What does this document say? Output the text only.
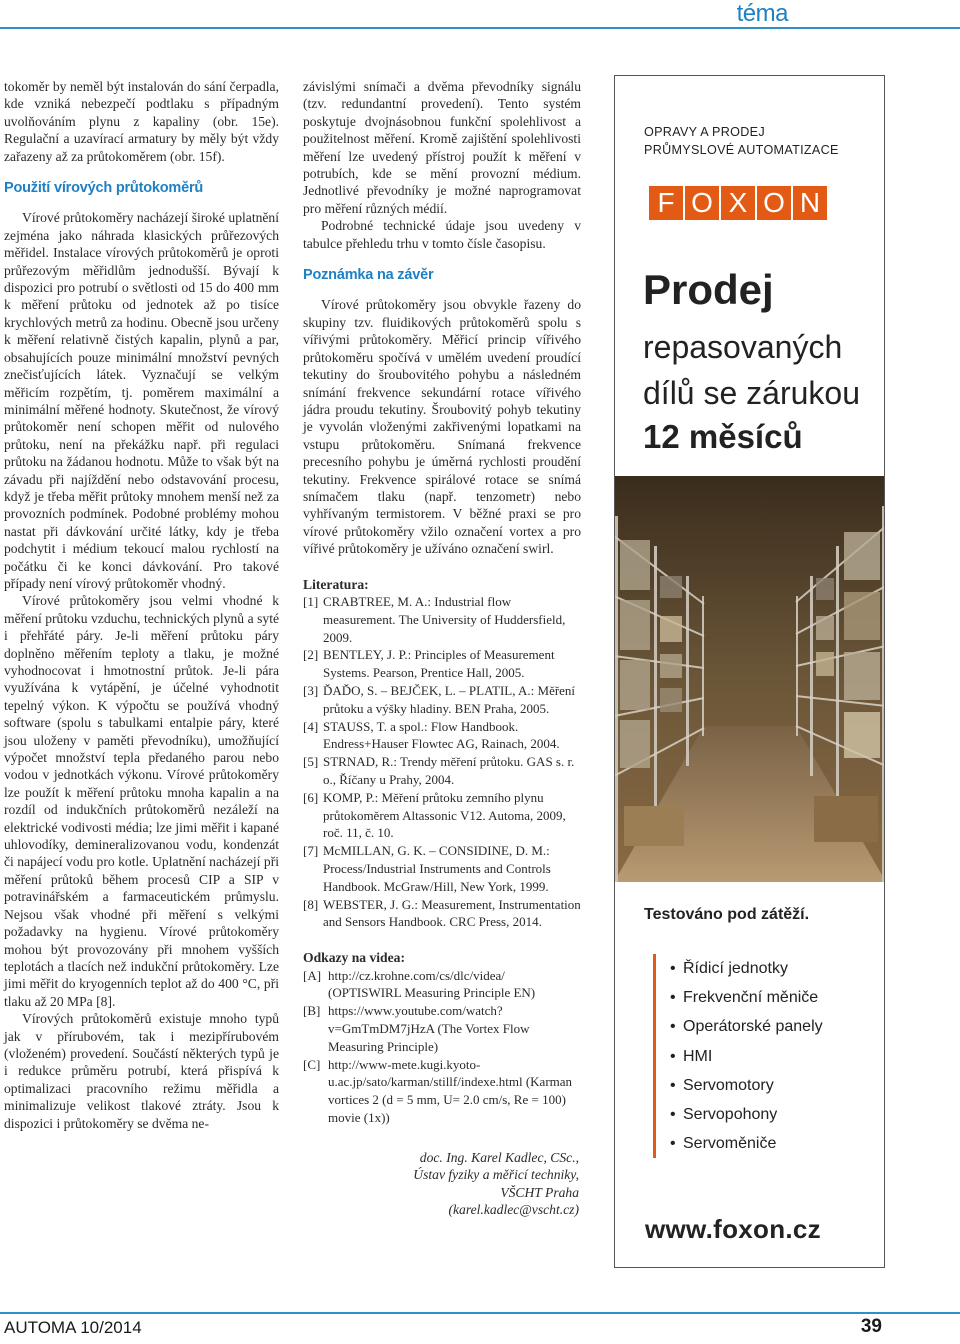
téma

tokoměr by neměl být instalován do sání čerpadla, kde vzniká nebezpečí podtlaku s případným uvolňováním plynu z kapaliny (obr. 15e). Regulační a uzavírací armatury by měly být vždy zařazeny až za průtokoměrem (obr. 15f).

Použití vírových průtokoměrů

Vírové průtokoměry nacházejí široké uplatnění zejména jako náhrada klasických průřezových měřidel. Instalace vírových průtokoměrů je oproti průřezovým měřidlům jednodušší. Bývají k dispozici pro potrubí o světlosti od 15 do 400 mm k měření průtoku od jednotek až po tisíce krychlových metrů za hodinu. Obecně jsou určeny k měření relativně čistých kapalin, plynů a par, obsahujících pouze minimální množství pevných znečisťujících látek. Vyznačují se velkým měřicím rozpětím, tj. poměrem maximální a minimální měřené hodnoty. Skutečnost, že vírový průtokoměr není schopen měřit od nulového průtoku, není na překážku např. při regulaci průtoku na žádanou hodnotu. Může to však být na závadu při najíždění nebo odstavování procesu, když je třeba měřit průtoky mnohem menší než za provozních podmínek. Podobné problémy mohou nastat při dávkování určité látky, kdy je třeba podchytit i médium tekoucí malou rychlostí na počátku či ke konci dávkování. Pro takové případy není vírový průtokoměr vhodný.

Vírové průtokoměry jsou velmi vhodné k měření průtoku vzduchu, technických plynů a syté i přehřáté páry. Je-li měření průtoku páry doplněno měřením teploty a tlaku, je možné vyhodnocovat i hmotnostní průtok. Je-li pára využívána k vytápění, je účelné vyhodnotit tepelný výkon. K výpočtu se používá vhodný software (spolu s tabulkami entalpie páry, které jsou uloženy v paměti převodníku), umožňující výpočet množství tepla předaného parou nebo vodou v jednotkách výkonu. Vírové průtokoměry lze použít k měření průtoku mnoha kapalin a na rozdíl od indukčních průtokoměrů nezáleží na elektrické vodivosti média; lze jimi měřit i kapané uhlovodíky, demineralizovanou vodu, kondenzát či napájecí vodu pro kotle. Uplatnění nacházejí při měření průtoků během procesů CIP a SIP v potravinářském a farmaceutickém průmyslu. Nejsou však vhodné při měření s velkými požadavky na hygienu. Vírové průtokoměry mohou být provozovány při mnohem vyšších teplotách a tlacích než indukční průtokoměry. Lze jimi měřit do kryogenních teplot až do 400 °C, při tlaku až 20 MPa [8].

Vírových průtokoměrů existuje mnoho typů jak v přírubovém, tak i mezipřírubovém (vloženém) provedení. Součástí některých typů je i redukce průměru potrubí, která přispívá k optimalizaci pracovního režimu měřidla a minimalizuje velikost tlakové ztráty. Jsou k dispozici i průtokoměry se dvěma ne-

závislými snímači a dvěma převodníky signálu (tzv. redundantní provedení). Tento systém poskytuje dvojnásobnou funkční spolehlivost a použitelnost měření. Kromě zajištění spolehlivosti měření lze uvedený přístroj použít k měření v potrubích, kde se mění provozní médium. Jednotlivé převodníky je možné naprogramovat pro měření různých médií.

Podrobné technické údaje jsou uvedeny v tabulce přehledu trhu v tomto čísle časopisu.

Poznámka na závěr

Vírové průtokoměry jsou obvykle řazeny do skupiny tzv. fluidikových průtokoměrů spolu s vířivými průtokoměry. Měřicí princip vířivého průtokoměru spočívá v umělém uvedení proudící tekutiny do šroubovitého pohybu a následném snímání frekvence sekundární rotace vířivého jádra proudu tekutiny. Šroubovitý pohyb tekutiny je vyvolán vloženými zakřivenými lopatkami na vstupu průtokoměru. Snímaná frekvence precesního pohybu je úměrná rychlosti proudění tekutiny. Frekvence spirálové rotace se snímá snímačem tlaku (např. tenzometr) nebo vyhřívaným termistorem. V běžné praxi se pro vírové průtokoměry vžilo označení vortex a pro vířivé průtokoměry je užíváno označení swirl.

Literatura:
[1] CRABTREE, M. A.: Industrial flow measurement. The University of Huddersfield, 2009.
[2] BENTLEY, J. P.: Principles of Measurement Systems. Pearson, Prentice Hall, 2005.
[3] ĎAĎO, S. – BEJČEK, L. – PLATIL, A.: Měření průtoku a výšky hladiny. BEN Praha, 2005.
[4] STAUSS, T. a spol.: Flow Handbook. Endress+Hauser Flowtec AG, Rainach, 2004.
[5] STRNAD, R.: Trendy měření průtoku. GAS s. r. o., Říčany u Prahy, 2004.
[6] KOMP, P.: Měření průtoku zemního plynu průtokoměrem Altassonic V12. Automa, 2009, roč. 11, č. 10.
[7] McMILLAN, G. K. – CONSIDINE, D. M.: Process/Industrial Instruments and Controls Handbook. McGraw/Hill, New York, 1999.
[8] WEBSTER, J. G.: Measurement, Instrumentation and Sensors Handbook. CRC Press, 2014.
Odkazy na videa:
[A] http://cz.krohne.com/cs/dlc/videa/ (OPTISWIRL Measuring Principle EN)
[B] https://www.youtube.com/watch?v=GmTmDM7jHzA (The Vortex Flow Measuring Principle)
[C] http://www-mete.kugi.kyoto-u.ac.jp/sato/karman/stillf/indexe.html (Karman vortices 2 (d = 5 mm, U= 2.0 cm/s, Re = 100) movie (1x))
doc. Ing. Karel Kadlec, CSc.,
Ústav fyziky a měřicí techniky,
VŠCHT Praha
(karel.kadlec@vscht.cz)
OPRAVY A PRODEJ
PRŮMYSLOVÉ AUTOMATIZACE
F O X O N
Prodej
repasovaných
dílů se zárukou
12 měsíců
Testováno pod zátěží.
• Řídicí jednotky
• Frekvenční měniče
• Operátorské panely
• HMI
• Servomotory
• Servopohony
• Servoměniče
www.foxon.cz
AUTOMA 10/2014	39
